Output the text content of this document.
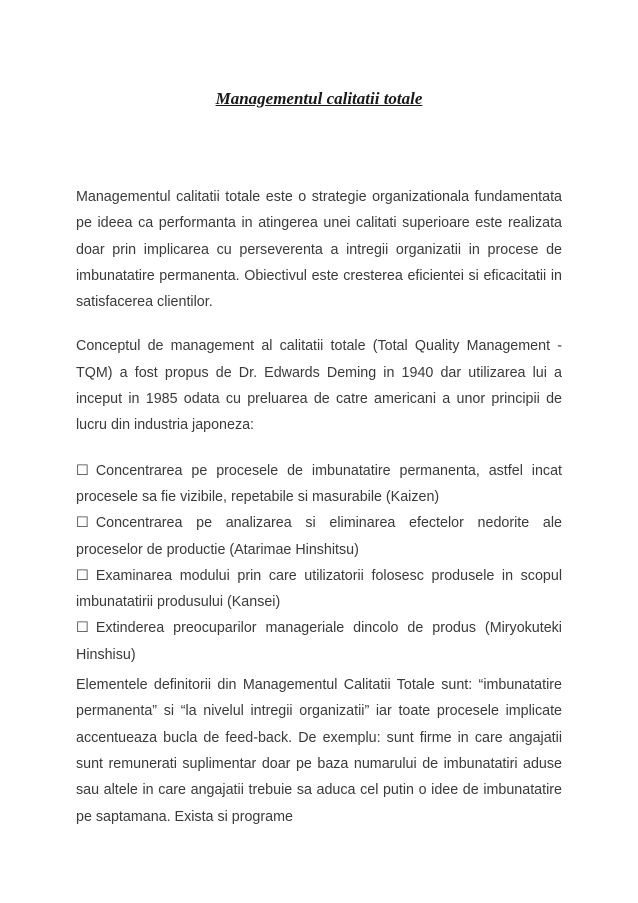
Managementul calitatii totale

Managementul calitatii totale este o strategie organizationala fundamentata pe ideea ca performanta in atingerea unei calitati superioare este realizata doar prin implicarea cu perseverenta a intregii organizatii in procese de imbunatatire permanenta. Obiectivul este cresterea eficientei si eficacitatii in satisfacerea clientilor.

Conceptul de management al calitatii totale (Total Quality Management - TQM) a fost propus de Dr. Edwards Deming in 1940 dar utilizarea lui a inceput in 1985 odata cu preluarea de catre americani a unor principii de lucru din industria japoneza:

☐ Concentrarea pe procesele de imbunatatire permanenta, astfel incat procesele sa fie vizibile, repetabile si masurabile (Kaizen)

☐ Concentrarea pe analizarea si eliminarea efectelor nedorite ale proceselor de productie (Atarimae Hinshitsu)

☐ Examinarea modului prin care utilizatorii folosesc produsele in scopul imbunatatirii produsului (Kansei)

☐ Extinderea preocuparilor manageriale dincolo de produs (Miryokuteki Hinshisu)

Elementele definitorii din Managementul Calitatii Totale sunt: “imbunatatire permanenta” si “la nivelul intregii organizatii” iar toate procesele implicate accentueaza bucla de feed-back. De exemplu: sunt firme in care angajatii sunt remunerati suplimentar doar pe baza numarului de imbunatatiri aduse sau altele in care angajatii trebuie sa aduca cel putin o idee de imbunatatire pe saptamana. Exista si programe
